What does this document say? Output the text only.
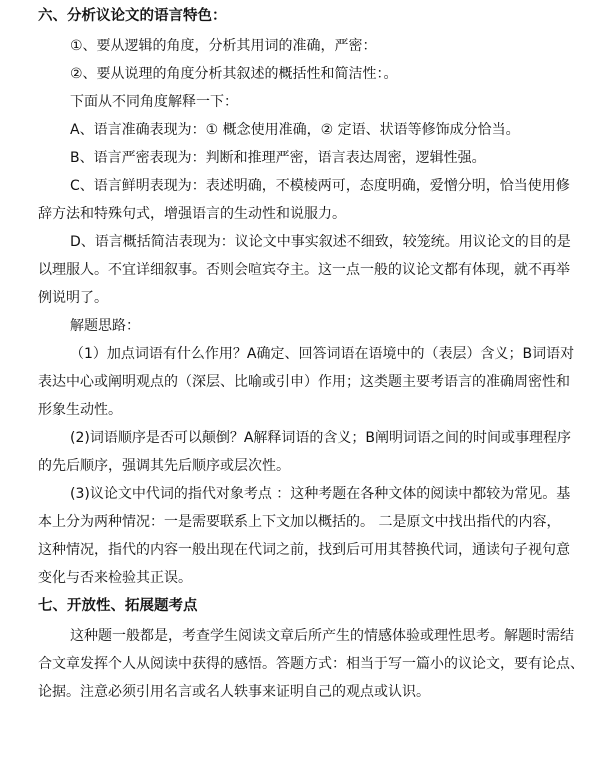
六、分析议论文的语言特色：
①、要从逻辑的角度，分析其用词的准确，严密：
②、要从说理的角度分析其叙述的概括性和简洁性：。
下面从不同角度解释一下：
A、语言准确表现为：① 概念使用准确，② 定语、状语等修饰成分恰当。
B、语言严密表现为：判断和推理严密，语言表达周密，逻辑性强。
C、语言鲜明表现为：表述明确，不模棱两可，态度明确，爱憎分明，恰当使用修
辞方法和特殊句式，增强语言的生动性和说服力。
D、语言概括简洁表现为：议论文中事实叙述不细致，较笼统。用议论文的目的是
以理服人。不宜详细叙事。否则会喧宾夺主。这一点一般的议论文都有体现，就不再举
例说明了。
解题思路：
（1）加点词语有什么作用？A确定、回答词语在语境中的（表层）含义；B词语对
表达中心或阐明观点的（深层、比喻或引申）作用；这类题主要考语言的准确周密性和
形象生动性。
(2)词语顺序是否可以颠倒？A解释词语的含义；B阐明词语之间的时间或事理程序
的先后顺序，强调其先后顺序或层次性。
(3)议论文中代词的指代对象考点 ：这种考题在各种文体的阅读中都较为常见。基
本上分为两种情况：一是需要联系上下文加以概括的。 二是原文中找出指代的内容，
这种情况，指代的内容一般出现在代词之前，找到后可用其替换代词，通读句子视句意
变化与否来检验其正误。
七、开放性、拓展题考点
这种题一般都是，考查学生阅读文章后所产生的情感体验或理性思考。解题时需结
合文章发挥个人从阅读中获得的感悟。答题方式：相当于写一篇小的议论文，要有论点、
论据。注意必须引用名言或名人轶事来证明自己的观点或认识。
